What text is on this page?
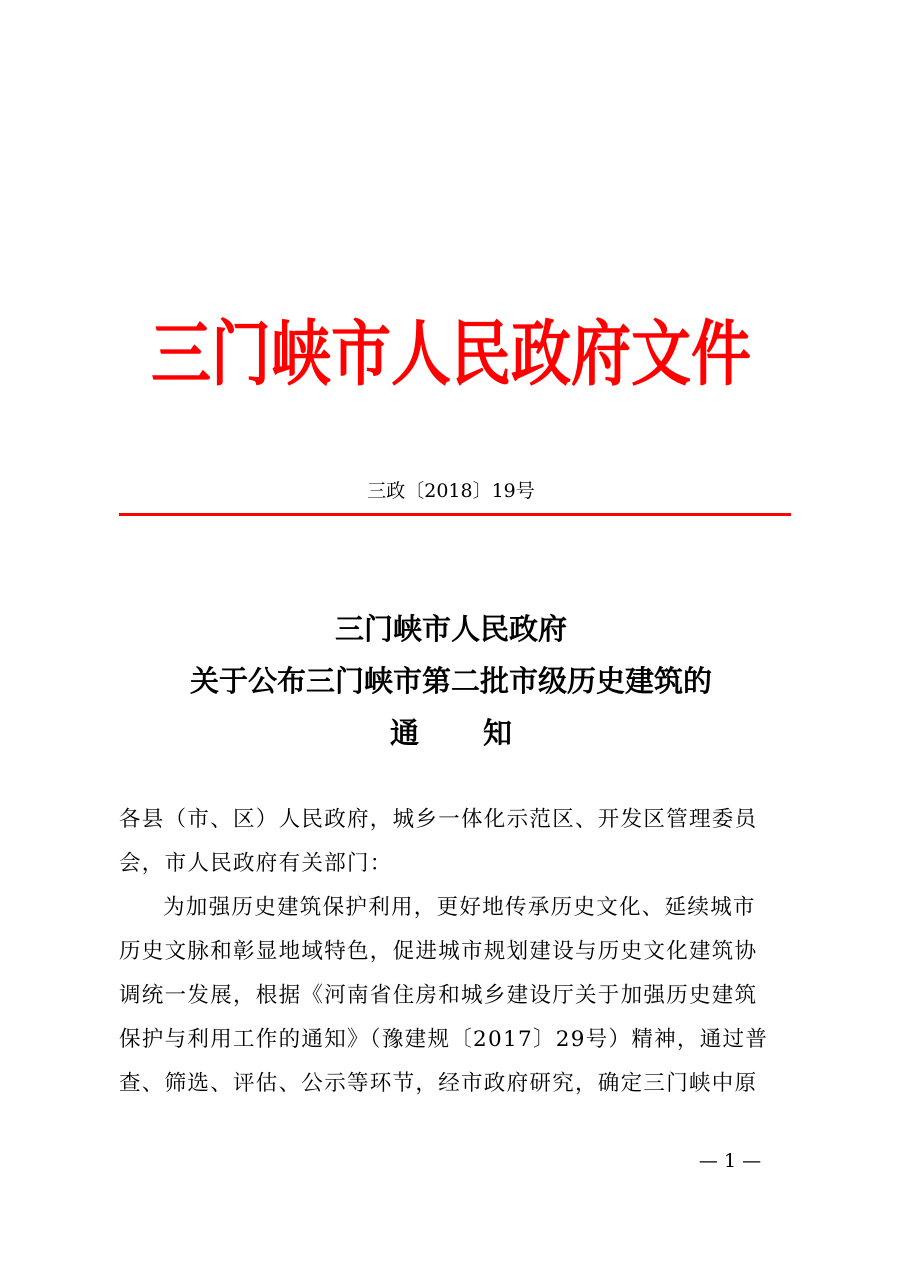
三门峡市人民政府文件
三政〔2018〕19号
三门峡市人民政府
关于公布三门峡市第二批市级历史建筑的
通 知
各县（市、区）人民政府，城乡一体化示范区、开发区管理委员
会，市人民政府有关部门：
为加强历史建筑保护利用，更好地传承历史文化、延续城市
历史文脉和彰显地域特色，促进城市规划建设与历史文化建筑协
调统一发展，根据《河南省住房和城乡建设厅关于加强历史建筑
保护与利用工作的通知》（豫建规〔2017〕29号）精神，通过普
查、筛选、评估、公示等环节，经市政府研究，确定三门峡中原
— 1 —
